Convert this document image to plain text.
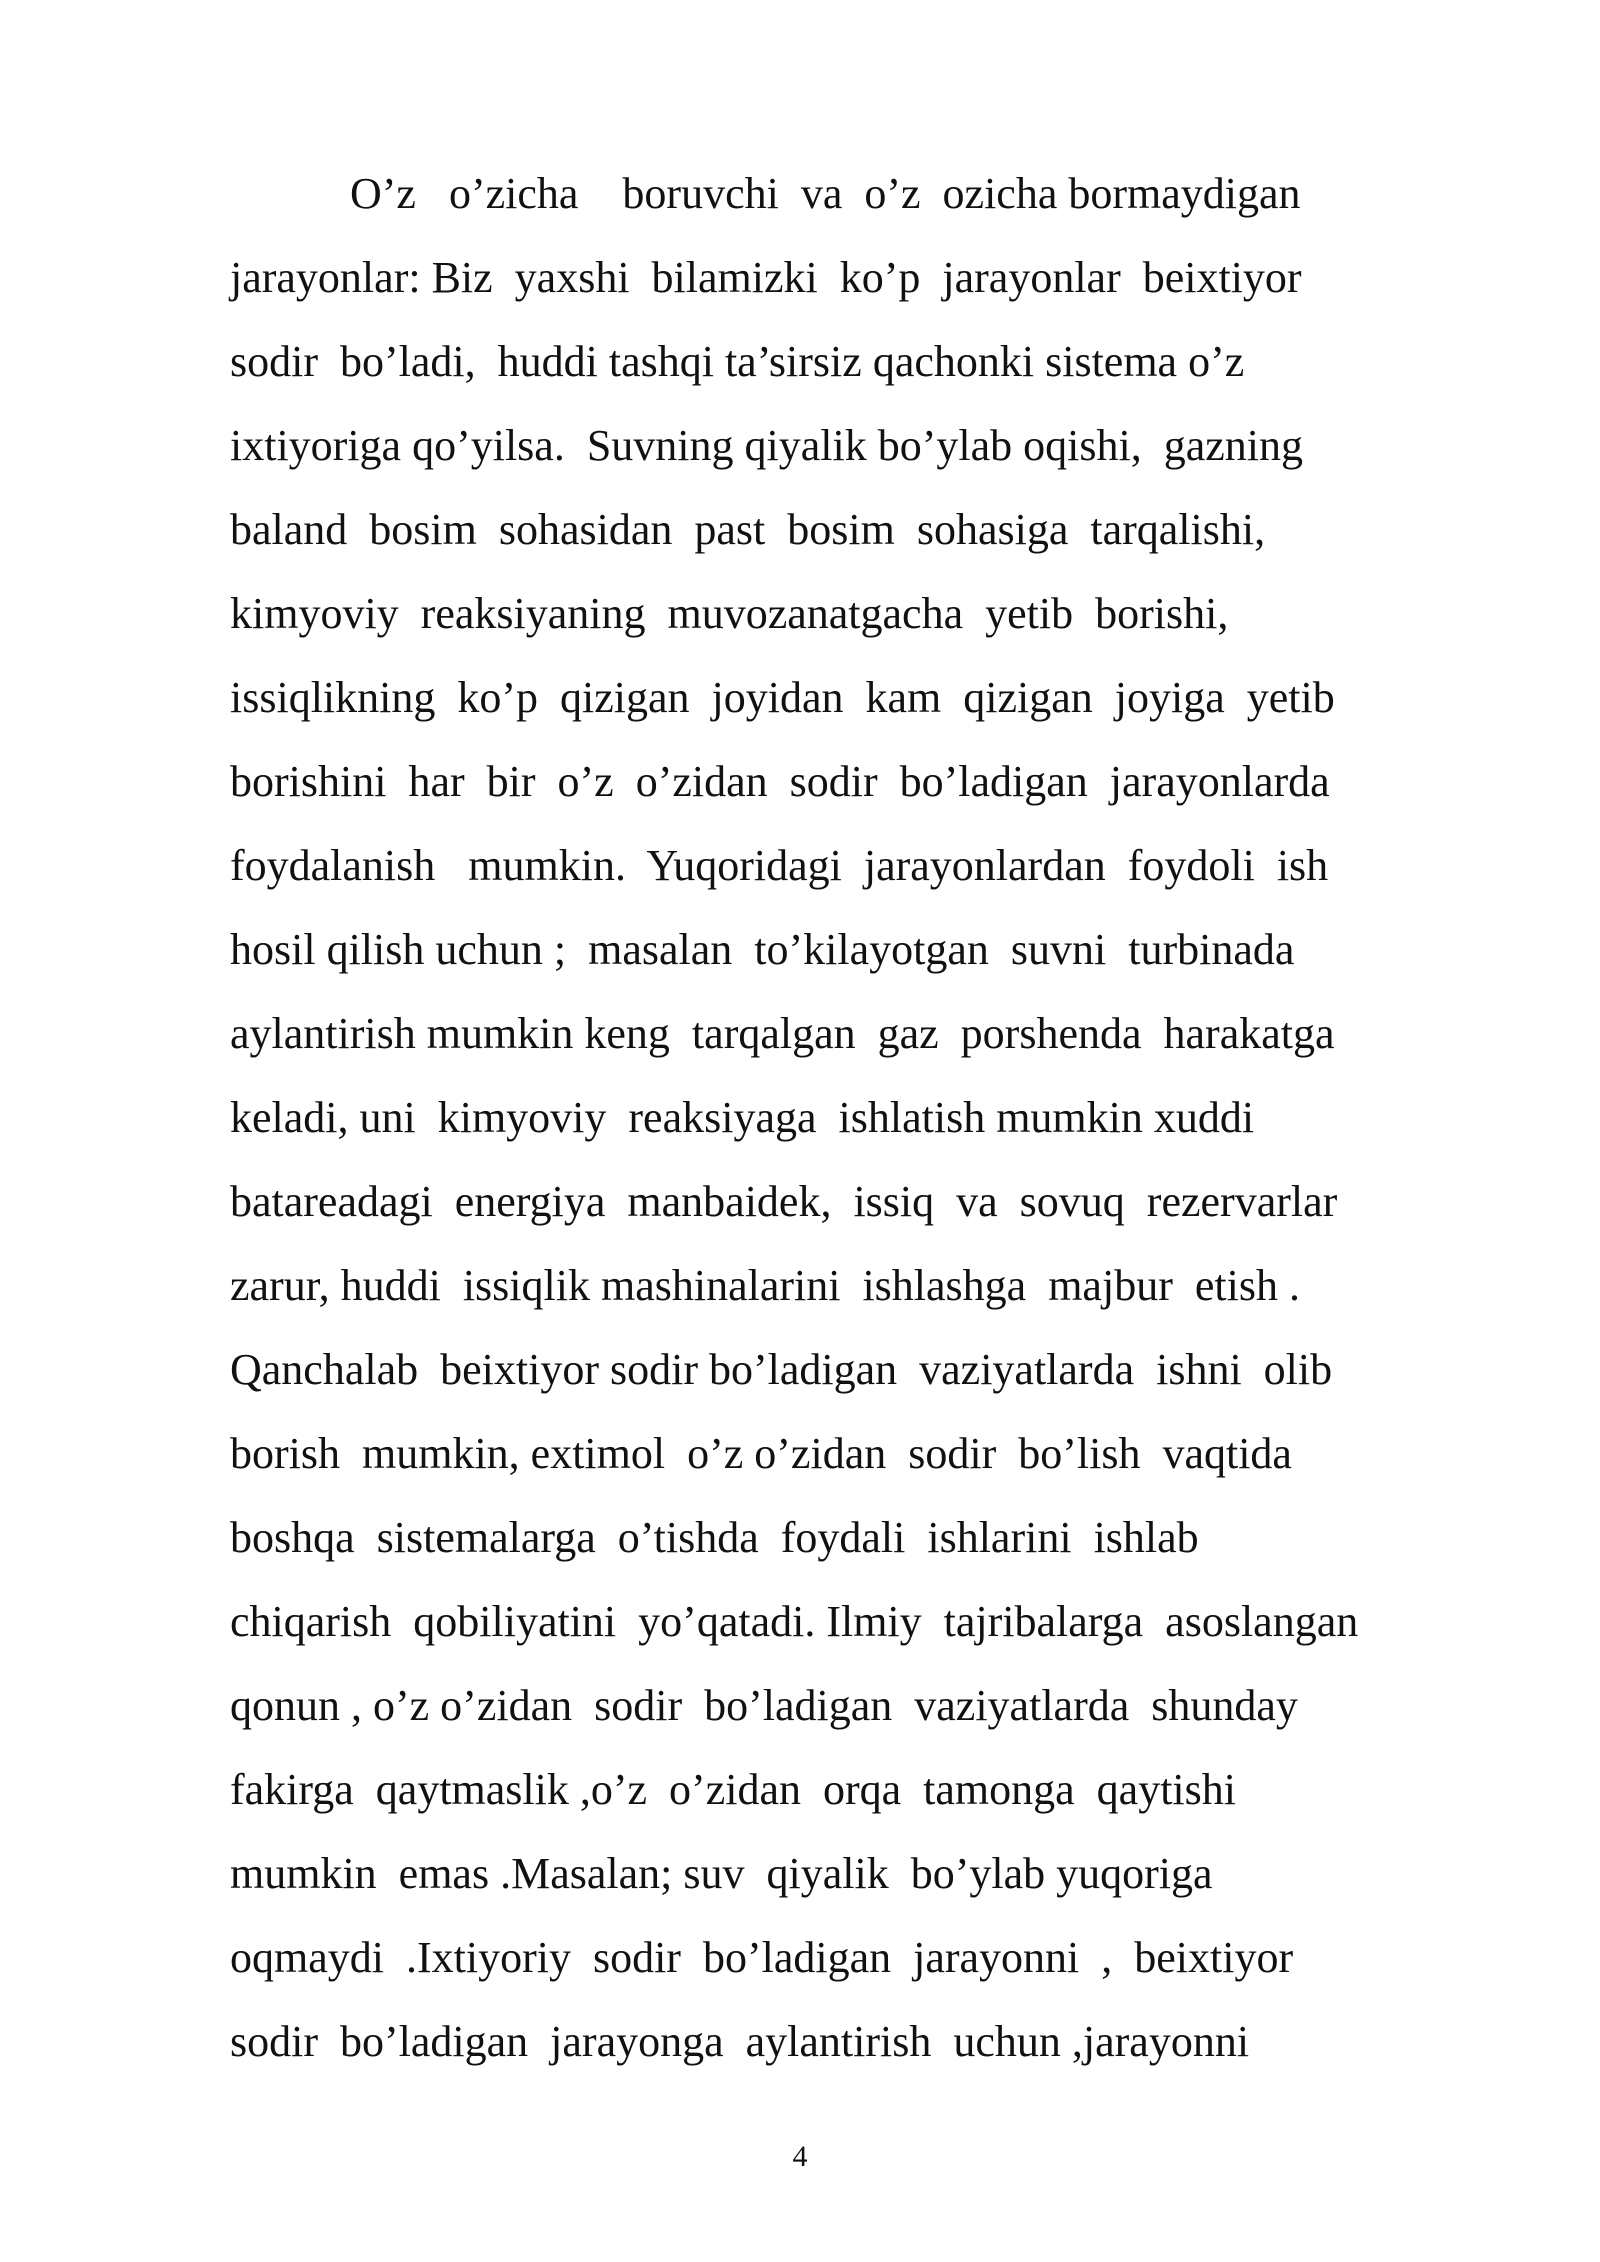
O’z   o’zicha    boruvchi  va  o’z  ozicha bormaydigan

jarayonlar: Biz  yaxshi  bilamizki  ko’p  jarayonlar  beixtiyor

sodir  bo’ladi,  huddi tashqi ta’sirsiz qachonki sistema o’z

ixtiyoriga qo’yilsa.  Suvning qiyalik bo’ylab oqishi,  gazning

baland  bosim  sohasidan  past  bosim  sohasiga  tarqalishi,

kimyoviy  reaksiyaning  muvozanatgacha  yetib  borishi,

issiqlikning  ko’p  qizigan  joyidan  kam  qizigan  joyiga  yetib

borishini  har  bir  o’z  o’zidan  sodir  bo’ladigan  jarayonlarda

foydalanish   mumkin.  Yuqoridagi  jarayonlardan  foydoli  ish

hosil qilish uchun ;  masalan  to’kilayotgan  suvni  turbinada

aylantirish mumkin keng  tarqalgan  gaz  porshenda  harakatga

keladi, uni  kimyoviy  reaksiyaga  ishlatish mumkin xuddi

batareadagi  energiya  manbaidek,  issiq  va  sovuq  rezervarlar

zarur, huddi  issiqlik mashinalarini  ishlashga  majbur  etish .

Qanchalab  beixtiyor sodir bo’ladigan  vaziyatlarda  ishni  olib

borish  mumkin, extimol  o’z o’zidan  sodir  bo’lish  vaqtida

boshqa  sistemalarga  o’tishda  foydali  ishlarini  ishlab

chiqarish  qobiliyatini  yo’qatadi. Ilmiy  tajribalarga  asoslangan

qonun , o’z o’zidan  sodir  bo’ladigan  vaziyatlarda  shunday

fakirga  qaytmaslik ,o’z  o’zidan  orqa  tamonga  qaytishi

mumkin  emas .Masalan; suv  qiyalik  bo’ylab yuqoriga

oqmaydi  .Ixtiyoriy  sodir  bo’ladigan  jarayonni  ,  beixtiyor

sodir  bo’ladigan  jarayonga  aylantirish  uchun ,jarayonni

4
